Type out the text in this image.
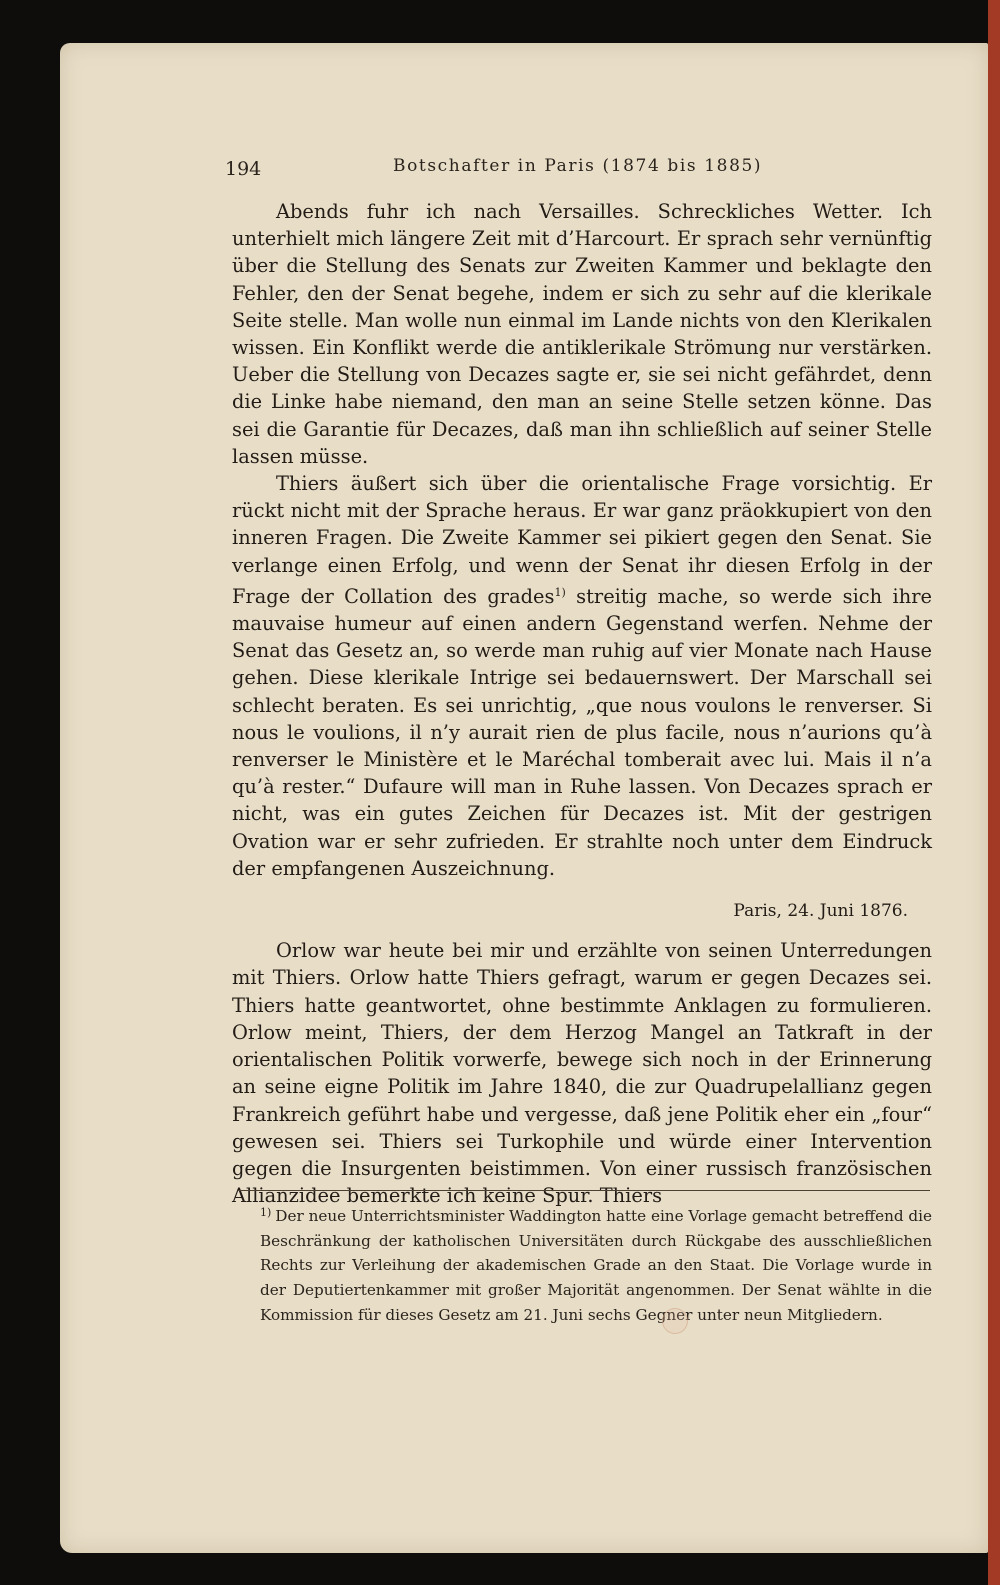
194	Botschafter in Paris (1874 bis 1885)

Abends fuhr ich nach Versailles. Schreckliches Wetter. Ich unterhielt mich längere Zeit mit d’Harcourt. Er sprach sehr vernünftig über die Stellung des Senats zur Zweiten Kammer und beklagte den Fehler, den der Senat begehe, indem er sich zu sehr auf die klerikale Seite stelle. Man wolle nun einmal im Lande nichts von den Klerikalen wissen. Ein Konflikt werde die antiklerikale Strömung nur verstärken. Ueber die Stellung von Decazes sagte er, sie sei nicht gefährdet, denn die Linke habe niemand, den man an seine Stelle setzen könne. Das sei die Garantie für Decazes, daß man ihn schließlich auf seiner Stelle lassen müsse.

Thiers äußert sich über die orientalische Frage vorsichtig. Er rückt nicht mit der Sprache heraus. Er war ganz präokkupiert von den inneren Fragen. Die Zweite Kammer sei pikiert gegen den Senat. Sie verlange einen Erfolg, und wenn der Senat ihr diesen Erfolg in der Frage der Collation des grades$^{1)}$ streitig mache, so werde sich ihre mauvaise humeur auf einen andern Gegenstand werfen. Nehme der Senat das Gesetz an, so werde man ruhig auf vier Monate nach Hause gehen. Diese klerikale Intrige sei bedauernswert. Der Marschall sei schlecht beraten. Es sei unrichtig, „que nous voulons le renverser. Si nous le voulions, il n’y aurait rien de plus facile, nous n’aurions qu’à renverser le Ministère et le Maréchal tomberait avec lui. Mais il n’a qu’à rester.“ Dufaure will man in Ruhe lassen. Von Decazes sprach er nicht, was ein gutes Zeichen für Decazes ist. Mit der gestrigen Ovation war er sehr zufrieden. Er strahlte noch unter dem Eindruck der empfangenen Auszeichnung.

Paris, 24. Juni 1876.

Orlow war heute bei mir und erzählte von seinen Unterredungen mit Thiers. Orlow hatte Thiers gefragt, warum er gegen Decazes sei. Thiers hatte geantwortet, ohne bestimmte Anklagen zu formulieren. Orlow meint, Thiers, der dem Herzog Mangel an Tatkraft in der orientalischen Politik vorwerfe, bewege sich noch in der Erinnerung an seine eigne Politik im Jahre 1840, die zur Quadrupelallianz gegen Frankreich geführt habe und vergesse, daß jene Politik eher ein „four“ gewesen sei. Thiers sei Turkophile und würde einer Intervention gegen die Insurgenten beistimmen. Von einer russisch französischen Allianzidee bemerkte ich keine Spur. Thiers

$^{1)}$ Der neue Unterrichtsminister Waddington hatte eine Vorlage gemacht betreffend die Beschränkung der katholischen Universitäten durch Rückgabe des ausschließlichen Rechts zur Verleihung der akademischen Grade an den Staat. Die Vorlage wurde in der Deputiertenkammer mit großer Majorität angenommen. Der Senat wählte in die Kommission für dieses Gesetz am 21. Juni sechs Gegner unter neun Mitgliedern.
